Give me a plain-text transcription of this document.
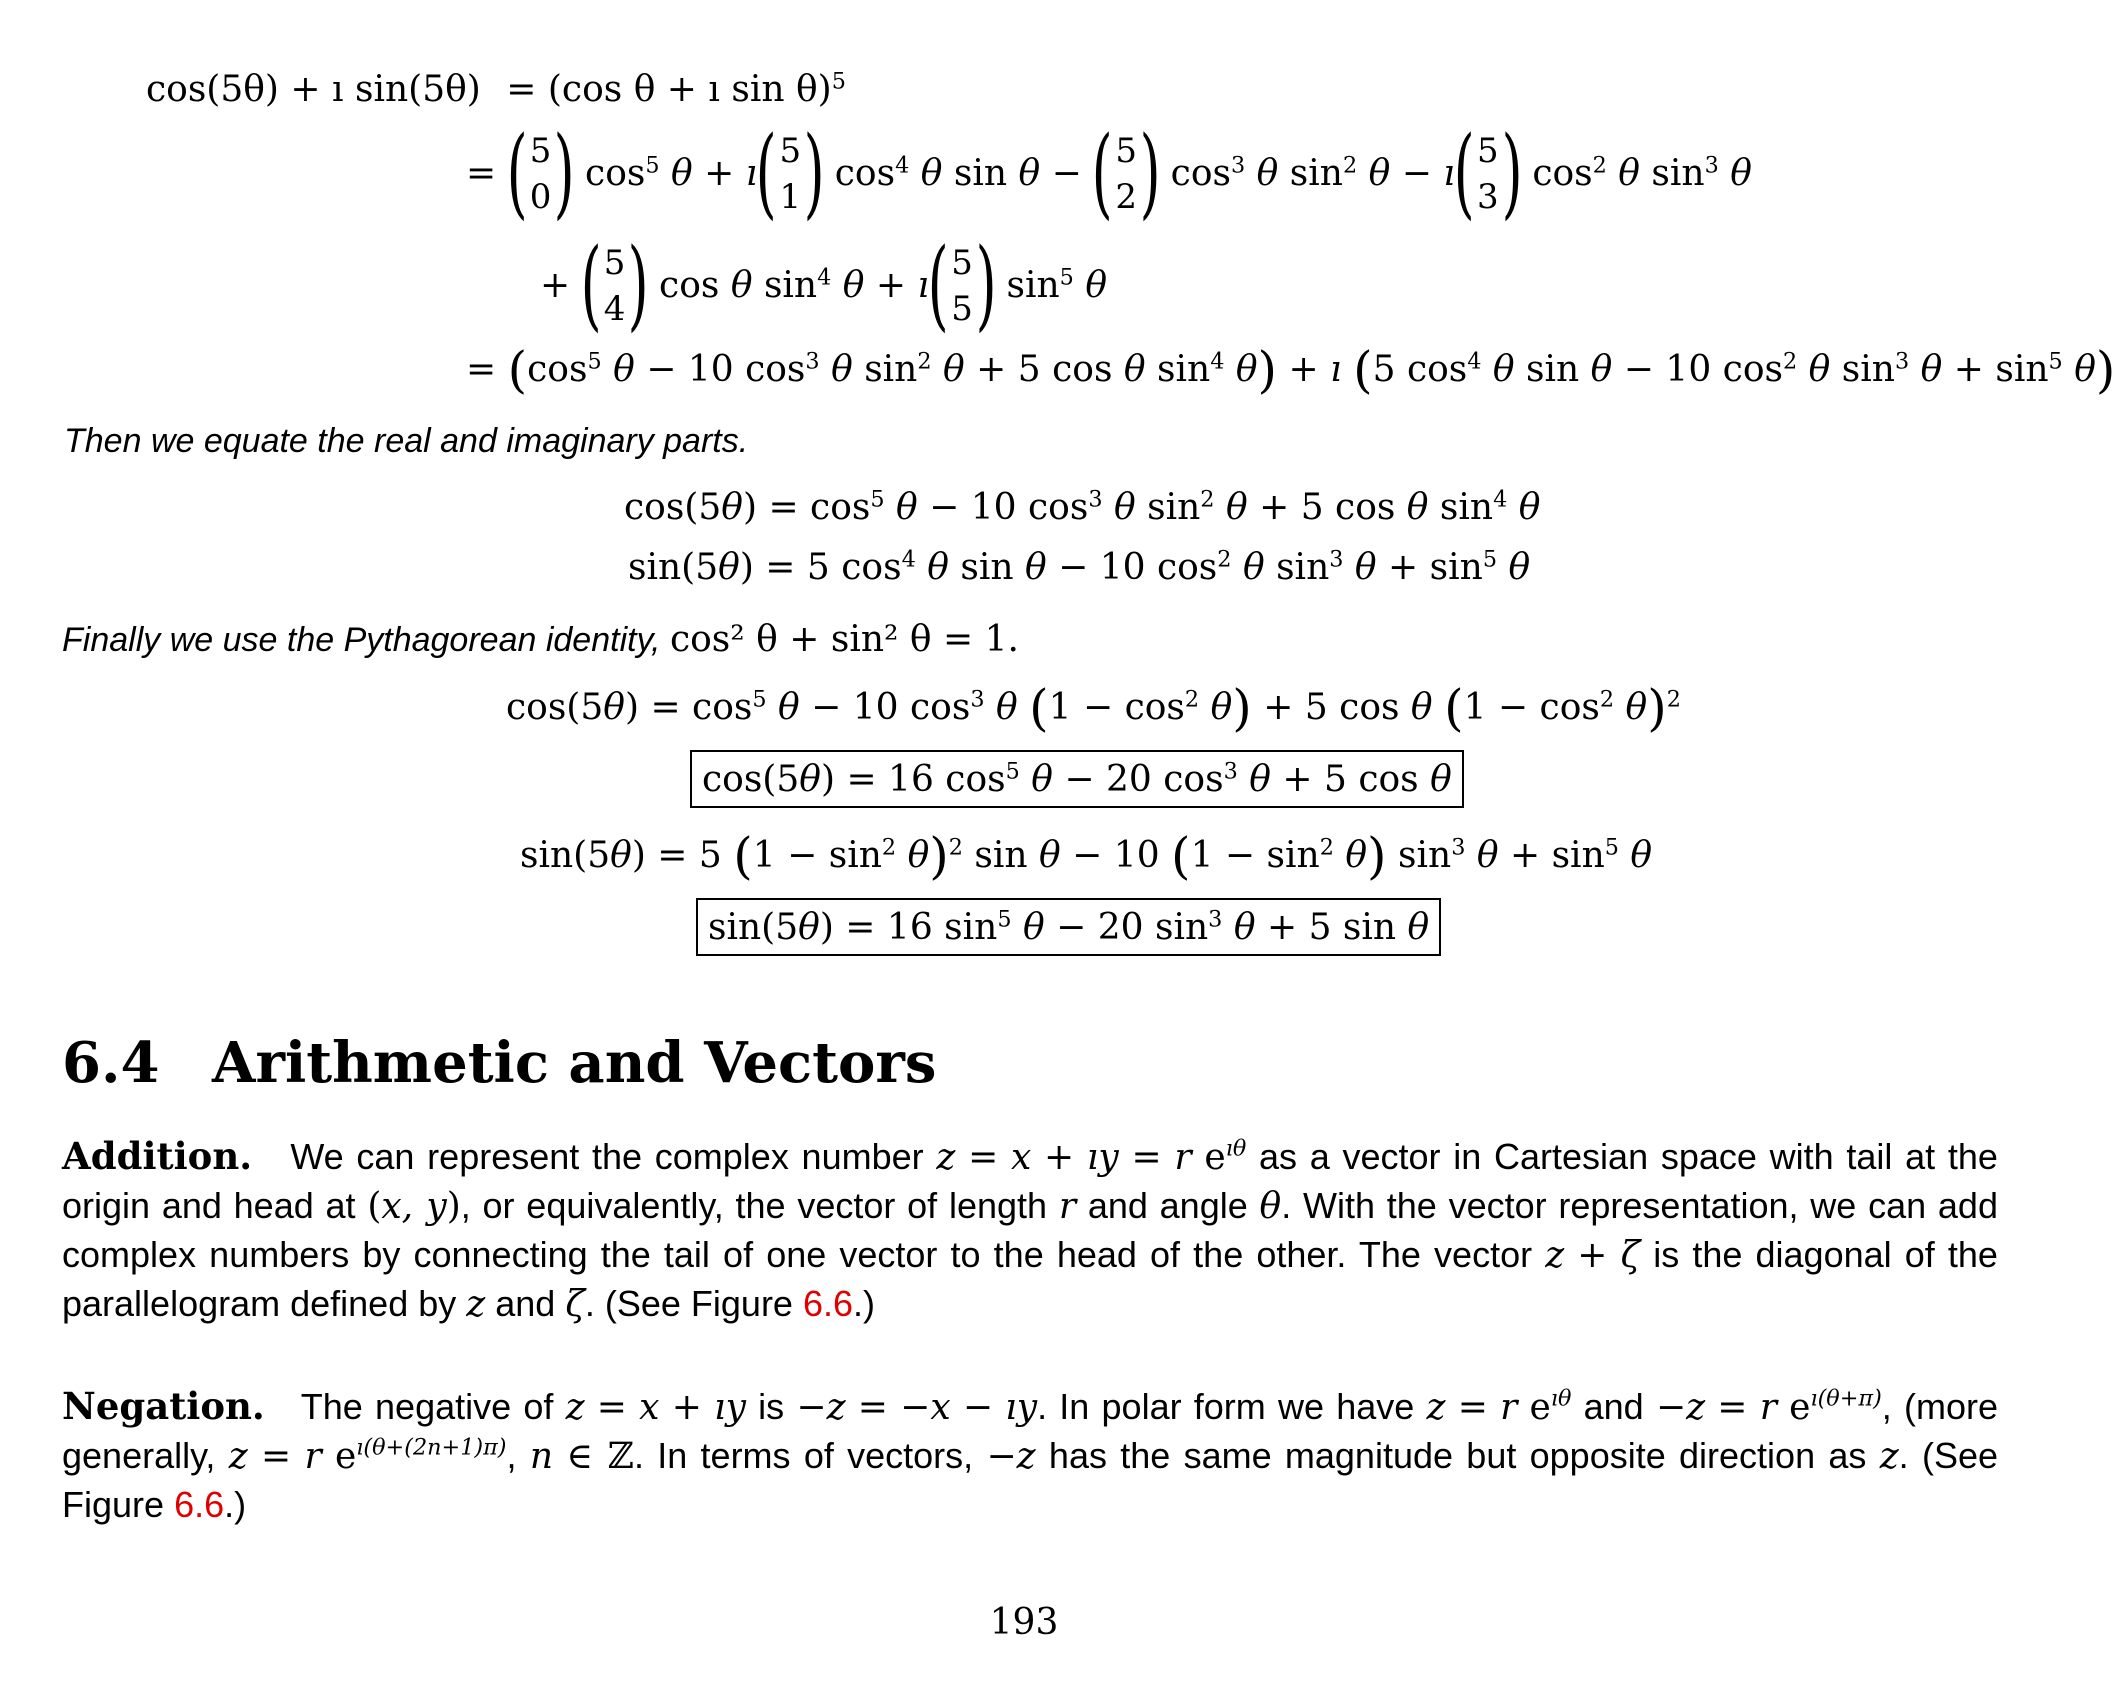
cos(5θ) + ı sin(5θ) = (cos θ + ı sin θ)$^5$
=
( 5
0 )
$\cos^5 \theta$ + ı
( 5
1 )
$\cos^4 \theta$ sin θ −
( 5
2 )
$\cos^3 \theta$ $\sin^2 \theta$ − ı
( 5
3 )
$\cos^2 \theta$ $\sin^3 \theta$
+
( 5
4 )
cos θ $\sin^4 \theta$ + ı
( 5
5 )
$\sin^5 \theta$
= ($\cos^5$ θ − 10 $\cos^3 \theta$ $\sin^2 \theta + 5$ cos θ $\sin^4 \theta$) + ı (5 $\cos^4 \theta$ sin θ − 10 $\cos^2 \theta$ $\sin^3 \theta + \sin^5 \theta$)
Then we equate the real and imaginary parts.
$\cos(5\theta) = \cos^5 \theta - 10$ $\cos^3 \theta$ $\sin^2 \theta + 5$ cos θ $\sin^4 \theta$
sin(5θ) = 5 $\cos^4 \theta$ sin θ − 10 $\cos^2 \theta$ $\sin^3 \theta + \sin^5 \theta$
Finally we use the Pythagorean identity, cos² θ + sin² θ = 1.
$\cos(5\theta) = \cos^5 \theta - 10$ $\cos^3 \theta$ $(1 - \cos^2 \theta) + 5$ cos θ $(1 - \cos^2 \theta)^2$
cos(5θ) = 16 $\cos^5 \theta - 20$ $\cos^3 \theta + 5$ cos θ
sin(5θ) = 5 $(1 - \sin^2 \theta)^2$ sin θ − 10 $(1 - \sin^2 \theta)$ $\sin^3 \theta + \sin^5 \theta$
sin(5θ) = 16 $\sin^5 \theta - 20$ $\sin^3 \theta + 5$ sin θ
6.4 Arithmetic and Vectors
Addition. We can represent the complex number z = x + ıy = r $e^{ı\theta}$ as a vector in Cartesian space with tail at the origin and head at (x, y), or equivalently, the vector of length r and angle θ. With the vector representation, we can add complex numbers by connecting the tail of one vector to the head of the other. The vector z + ζ is the diagonal of the parallelogram defined by z and ζ. (See Figure 6.6.)
Negation. The negative of z = x + ıy is −z = −x − ıy. In polar form we have z = r $e^{ı\theta}$ and −z = r $e^{ı(\theta+\pi)}$, (more generally, z = r $e^{ı(\theta+(2n+1)\pi)}$, n ∈ ℤ. In terms of vectors, −z has the same magnitude but opposite direction as z. (See Figure 6.6.)
193
